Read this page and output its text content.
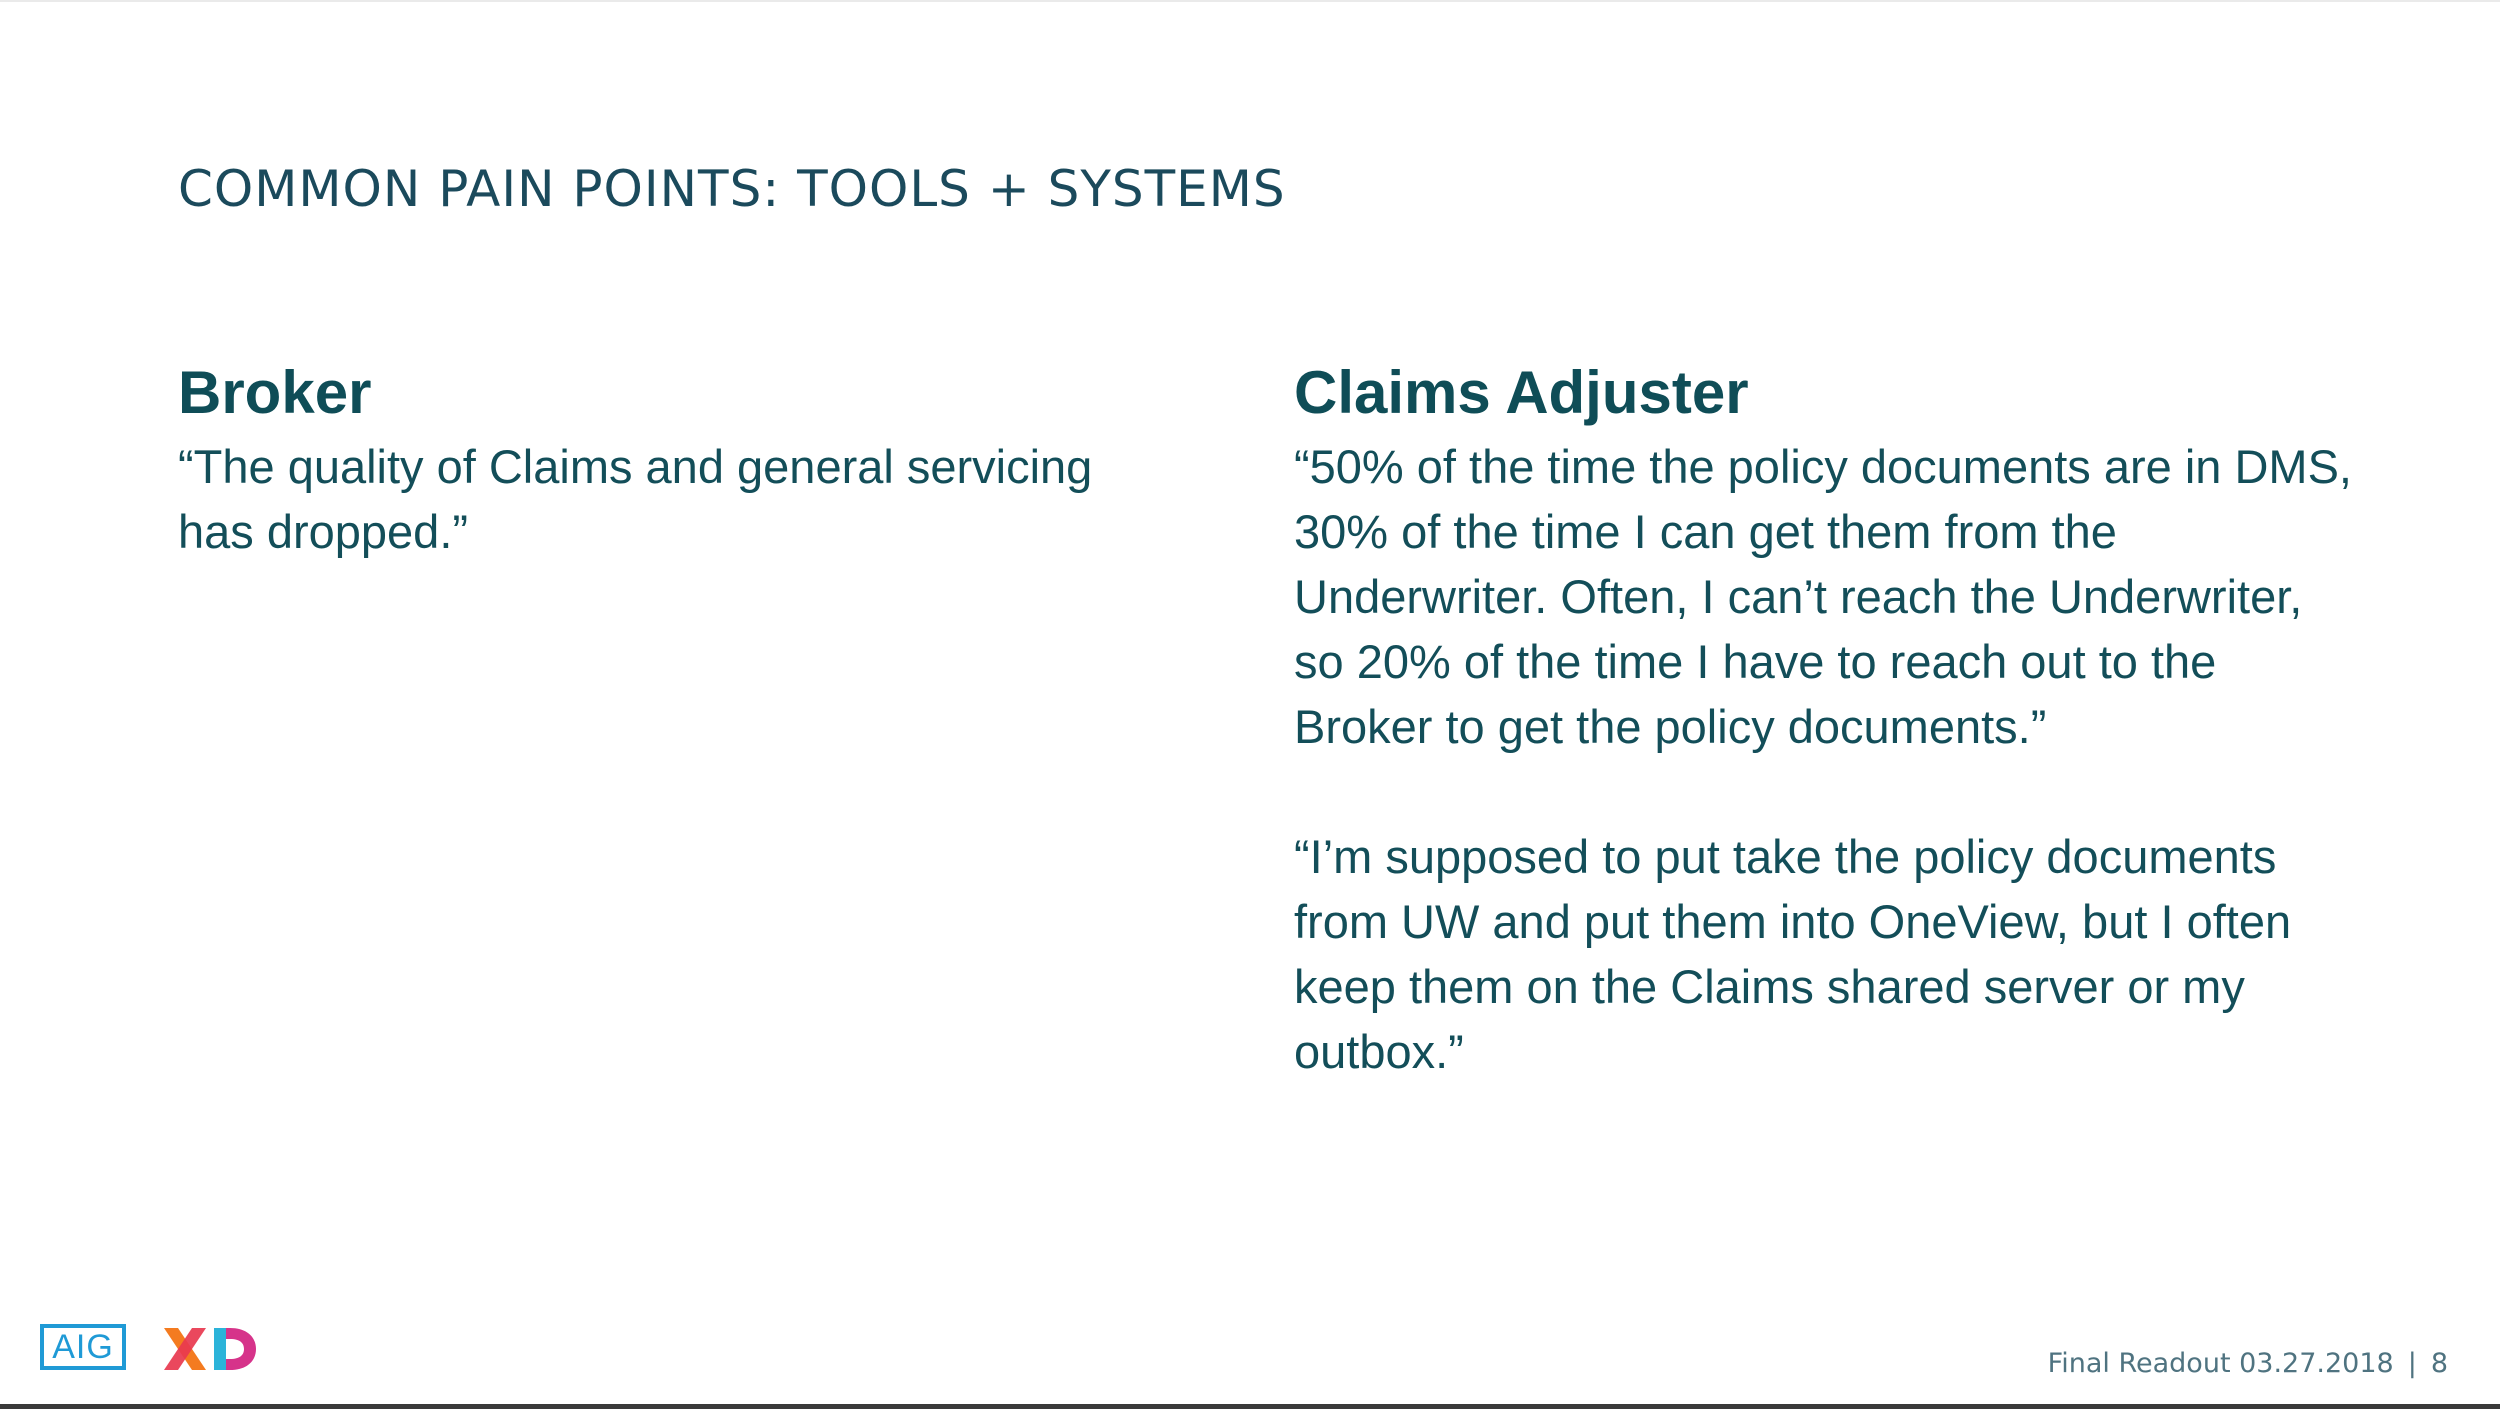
COMMON PAIN POINTS: TOOLS + SYSTEMS
Broker

“The quality of Claims and general servicing has dropped.”

Claims Adjuster

“50% of the time the policy documents are in DMS, 30% of the time I can get them from the Underwriter. Often, I can’t reach the Underwriter, so 20% of the time I have to reach out to the Broker to get the policy documents.”

“I’m supposed to put take the policy documents from UW and put them into OneView, but I often keep them on the Claims shared server or my outbox.”

AIG	Final Readout 03.27.2018 | 8
